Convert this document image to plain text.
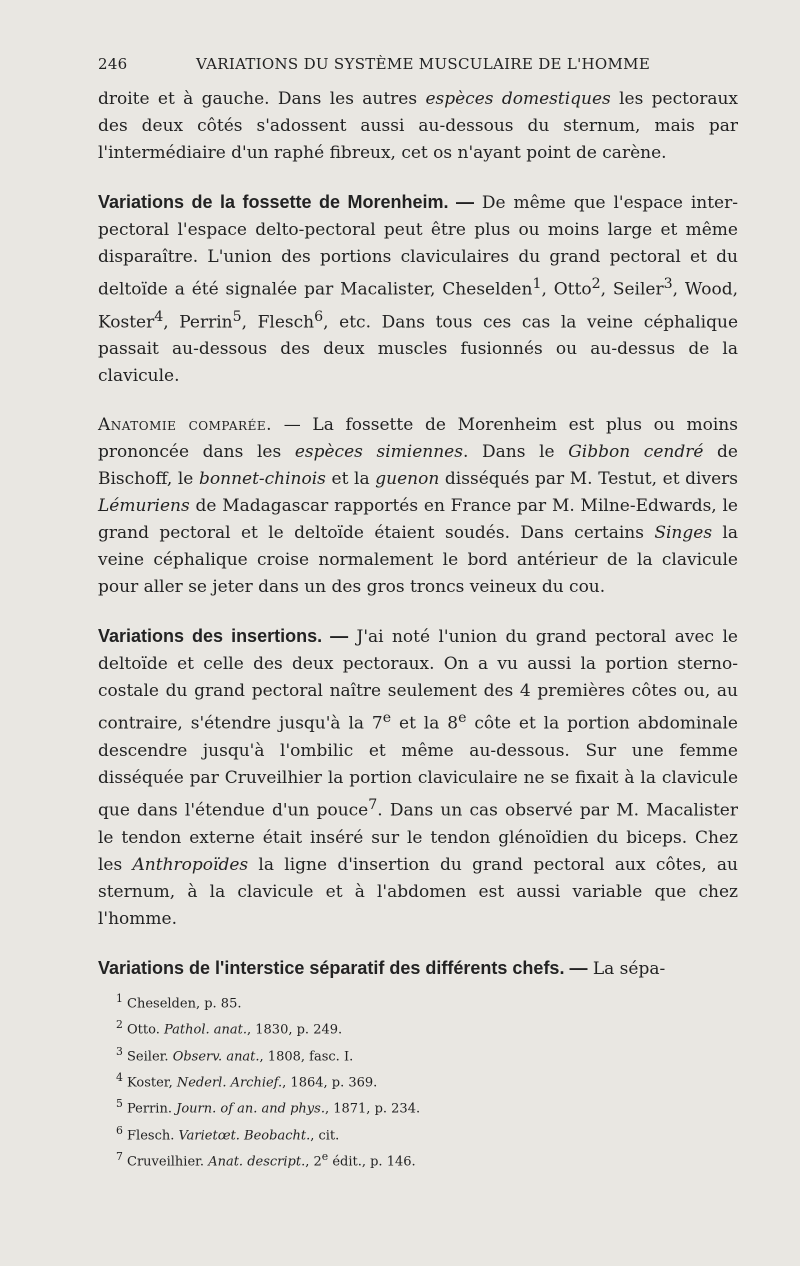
246	VARIATIONS DU SYSTÈME MUSCULAIRE DE L'HOMME

droite et à gauche. Dans les autres espèces domestiques les pectoraux des deux côtés s'adossent aussi au-dessous du sternum, mais par l'intermédiaire d'un raphé fibreux, cet os n'ayant point de carène.

Variations de la fossette de Morenheim. — De même que l'espace inter-pectoral l'espace delto-pectoral peut être plus ou moins large et même disparaître. L'union des portions claviculaires du grand pectoral et du deltoïde a été signalée par Macalister, Cheselden$^1$, Otto$^2$, Seiler$^3$, Wood, Koster$^4$, Perrin$^5$, Flesch$^6$, etc. Dans tous ces cas la veine céphalique passait au-dessous des deux muscles fusionnés ou au-dessus de la clavicule.

Anatomie comparée. — La fossette de Morenheim est plus ou moins prononcée dans les espèces simiennes. Dans le Gibbon cendré de Bischoff, le bonnet-chinois et la guenon disséqués par M. Testut, et divers Lémuriens de Madagascar rapportés en France par M. Milne-Edwards, le grand pectoral et le deltoïde étaient soudés. Dans certains Singes la veine céphalique croise normalement le bord antérieur de la clavicule pour aller se jeter dans un des gros troncs veineux du cou.

Variations des insertions. — J'ai noté l'union du grand pectoral avec le deltoïde et celle des deux pectoraux. On a vu aussi la portion sterno-costale du grand pectoral naître seulement des 4 premières côtes ou, au contraire, s'étendre jusqu'à la 7e et la 8e côte et la portion abdominale descendre jusqu'à l'ombilic et même au-dessous. Sur une femme disséquée par Cruveilhier la portion claviculaire ne se fixait à la clavicule que dans l'étendue d'un pouce$^7$. Dans un cas observé par M. Macalister le tendon externe était inséré sur le tendon glénoïdien du biceps. Chez les Anthropoïdes la ligne d'insertion du grand pectoral aux côtes, au sternum, à la clavicule et à l'abdomen est aussi variable que chez l'homme.

Variations de l'interstice séparatif des différents chefs. — La sépa-

$^1$ Cheselden, p. 85.
$^2$ Otto. Pathol. anat., 1830, p. 249.
$^3$ Seiler. Observ. anat., 1808, fasc. I.
$^4$ Koster, Nederl. Archief., 1864, p. 369.
$^5$ Perrin. Journ. of an. and phys., 1871, p. 234.
$^6$ Flesch. Varietœt. Beobacht., cit.
$^7$ Cruveilhier. Anat. descript., 2e édit., p. 146.
